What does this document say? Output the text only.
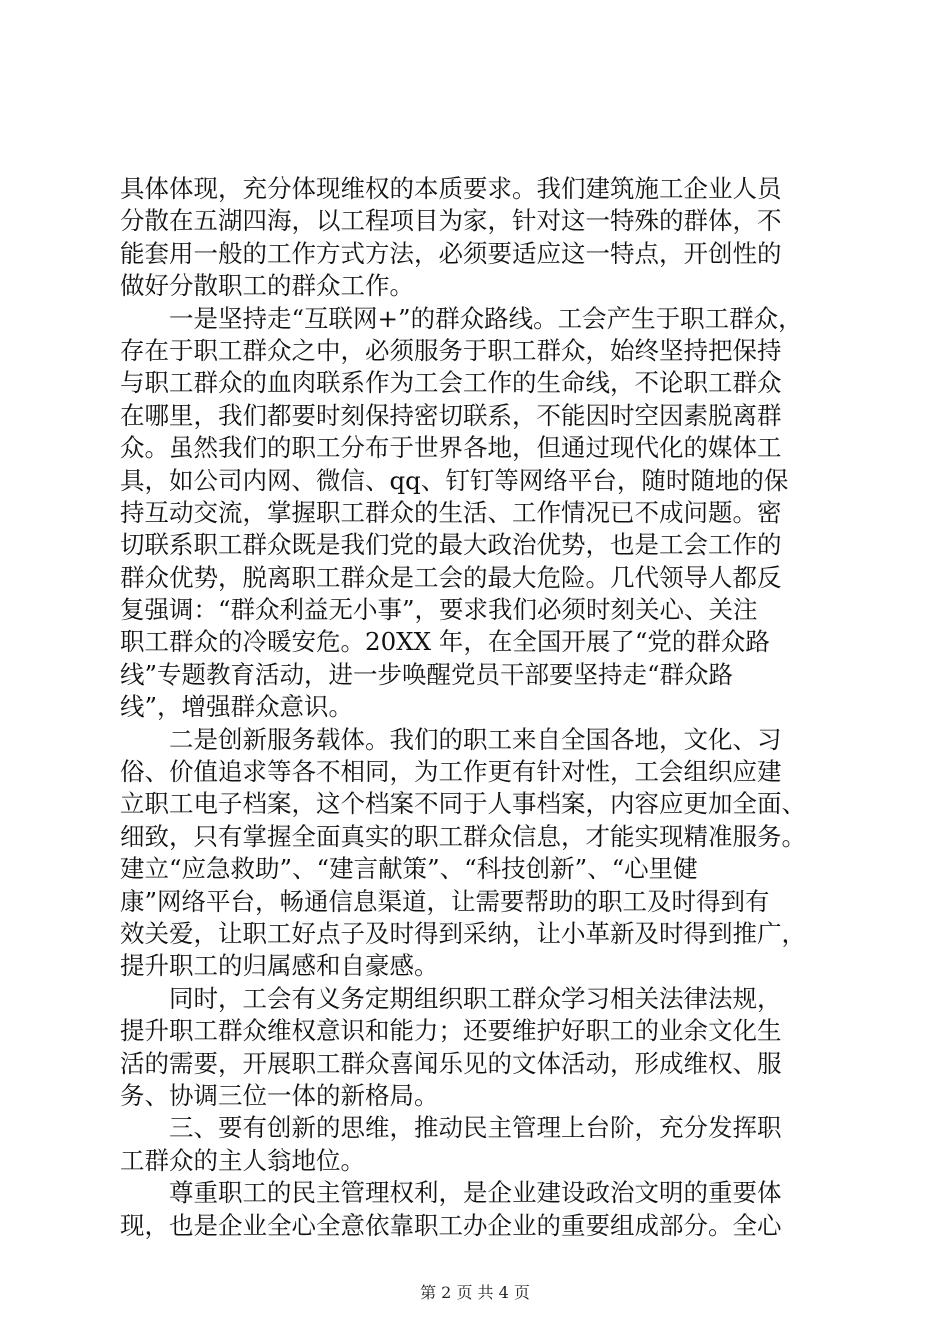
具体体现，充分体现维权的本质要求。我们建筑施工企业人员
分散在五湖四海，以工程项目为家，针对这一特殊的群体，不
能套用一般的工作方式方法，必须要适应这一特点，开创性的
做好分散职工的群众工作。
　　一是坚持走“互联网+”的群众路线。工会产生于职工群众，
存在于职工群众之中，必须服务于职工群众，始终坚持把保持
与职工群众的血肉联系作为工会工作的生命线，不论职工群众
在哪里，我们都要时刻保持密切联系，不能因时空因素脱离群
众。虽然我们的职工分布于世界各地，但通过现代化的媒体工
具，如公司内网、微信、qq、钉钉等网络平台，随时随地的保
持互动交流，掌握职工群众的生活、工作情况已不成问题。密
切联系职工群众既是我们党的最大政治优势，也是工会工作的
群众优势，脱离职工群众是工会的最大危险。几代领导人都反
复强调：“群众利益无小事”，要求我们必须时刻关心、关注
职工群众的冷暖安危。20XX 年，在全国开展了“党的群众路
线”专题教育活动，进一步唤醒党员干部要坚持走“群众路
线”，增强群众意识。
　　二是创新服务载体。我们的职工来自全国各地，文化、习
俗、价值追求等各不相同，为工作更有针对性，工会组织应建
立职工电子档案，这个档案不同于人事档案，内容应更加全面、
细致，只有掌握全面真实的职工群众信息，才能实现精准服务。
建立“应急救助”、“建言献策”、“科技创新”、“心里健
康”网络平台，畅通信息渠道，让需要帮助的职工及时得到有
效关爱，让职工好点子及时得到采纳，让小革新及时得到推广，
提升职工的归属感和自豪感。
　　同时，工会有义务定期组织职工群众学习相关法律法规，
提升职工群众维权意识和能力；还要维护好职工的业余文化生
活的需要，开展职工群众喜闻乐见的文体活动，形成维权、服
务、协调三位一体的新格局。
　　三、要有创新的思维，推动民主管理上台阶，充分发挥职
工群众的主人翁地位。
　　尊重职工的民主管理权利，是企业建设政治文明的重要体
现，也是企业全心全意依靠职工办企业的重要组成部分。全心
第 2 页 共 4 页
